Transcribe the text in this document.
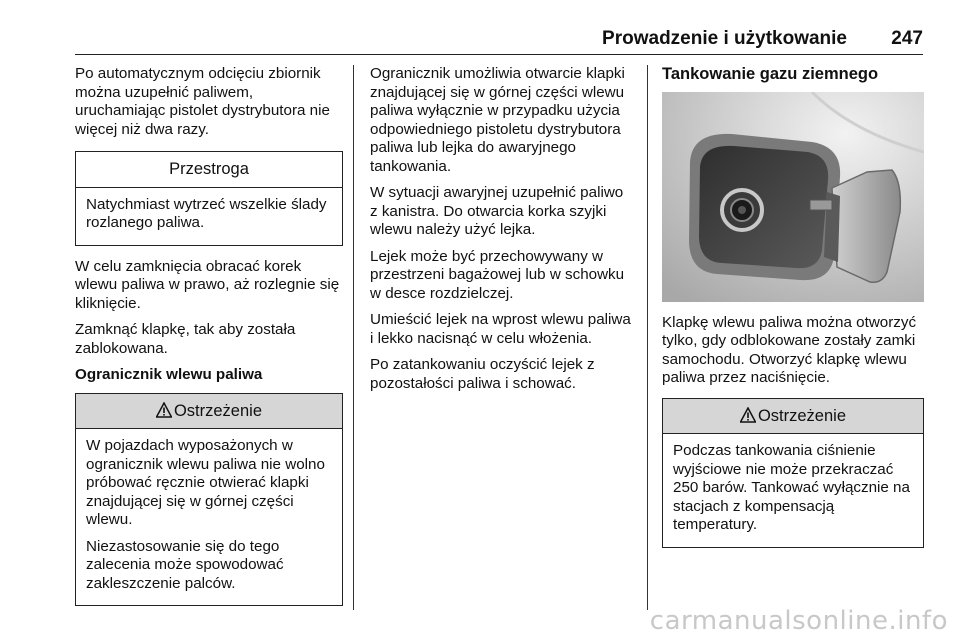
Prowadzenie i użytkowanie 247

Po automatycznym odcięciu zbiornik można uzupełnić paliwem, uruchamiając pistolet dystrybutora nie więcej niż dwa razy.

Przestroga

Natychmiast wytrzeć wszelkie ślady rozlanego paliwa.

W celu zamknięcia obracać korek wlewu paliwa w prawo, aż rozlegnie się kliknięcie.

Zamknąć klapkę, tak aby została zablokowana.

Ogranicznik wlewu paliwa

Ostrzeżenie

W pojazdach wyposażonych w ogranicznik wlewu paliwa nie wolno próbować ręcznie otwierać klapki znajdującej się w górnej części wlewu.

Niezastosowanie się do tego zalecenia może spowodować zakleszczenie palców.

Ogranicznik umożliwia otwarcie klapki znajdującej się w górnej części wlewu paliwa wyłącznie w przypadku użycia odpowiedniego pistoletu dystrybutora paliwa lub lejka do awaryjnego tankowania.

W sytuacji awaryjnej uzupełnić paliwo z kanistra. Do otwarcia korka szyjki wlewu należy użyć lejka.

Lejek może być przechowywany w przestrzeni bagażowej lub w schowku w desce rozdzielczej.

Umieścić lejek na wprost wlewu paliwa i lekko nacisnąć w celu włożenia.

Po zatankowaniu oczyścić lejek z pozostałości paliwa i schować.

Tankowanie gazu ziemnego

Klapkę wlewu paliwa można otworzyć tylko, gdy odblokowane zostały zamki samochodu. Otworzyć klapkę wlewu paliwa przez naciśnięcie.

Ostrzeżenie

Podczas tankowania ciśnienie wyjściowe nie może przekraczać 250 barów. Tankować wyłącznie na stacjach z kompensacją temperatury.

carmanualsonline.info
